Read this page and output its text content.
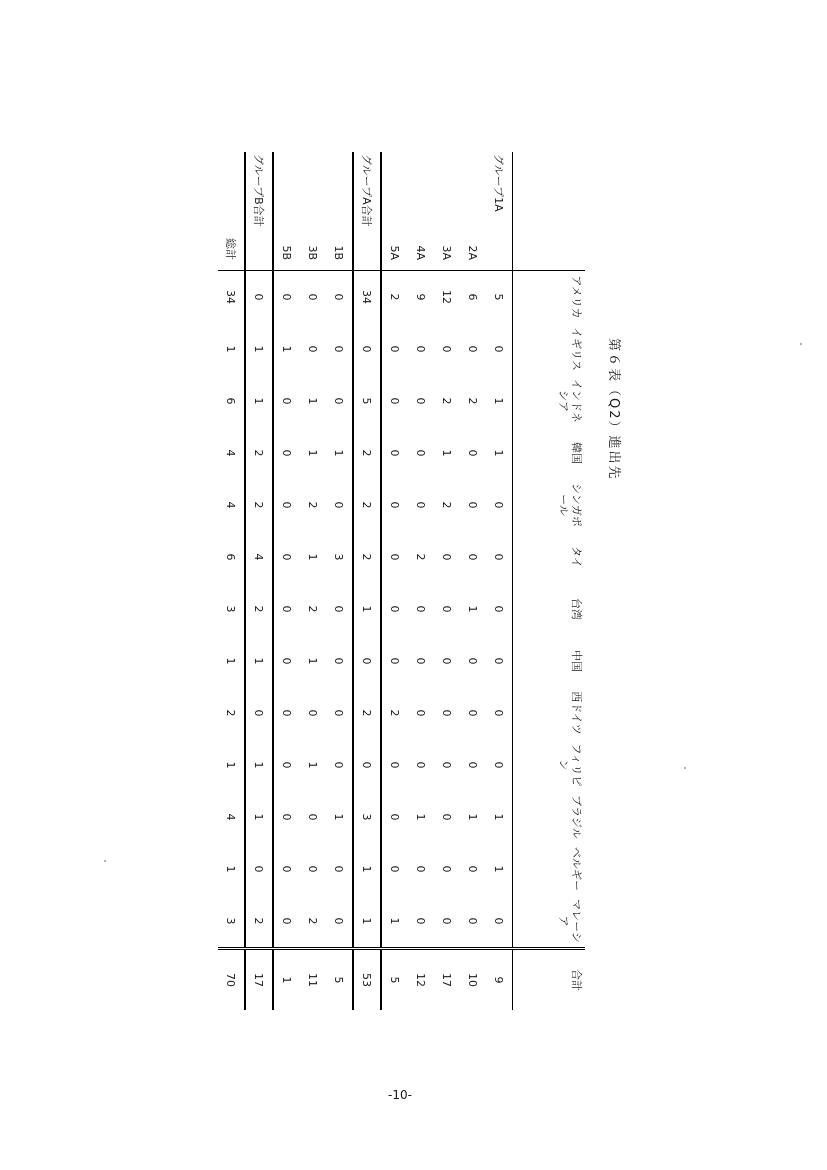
第６表（Q2）進出先
	アメリカ	イギリス	インドネシア	韓国	シンガポール	タイ	台湾	中国	西ドイツ	フィリピン	ブラジル	ベルギー	マレーシア	合計
グループ1A	5	0	1	1	0	0	0	0	0	0	1	1	0	9
2A	6	0	2	0	0	0	1	0	0	0	1	0	0	10
3A	12	0	2	1	2	0	0	0	0	0	0	0	0	17
4A	9	0	0	0	0	2	0	0	0	0	1	0	0	12
5A	2	0	0	0	0	0	0	0	2	0	0	0	1	5
グループA合計	34	0	5	2	2	2	1	0	2	0	3	1	1	53
1B	0	0	0	1	0	3	0	0	0	0	1	0	0	5
3B	0	0	1	1	2	1	2	1	0	1	0	0	2	11
5B	0	1	0	0	0	0	0	0	0	0	0	0	0	1
グループB合計	0	1	1	2	2	4	2	1	0	1	1	0	2	17
総計	34	1	6	4	4	6	3	1	2	1	4	1	3	70
-10-
